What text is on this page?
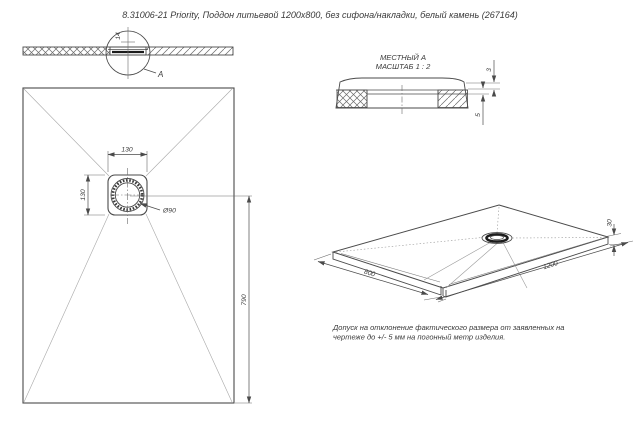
8.31006-21 Priority, Поддон литьевой 1200x800, без сифона/накладки, белый камень (267164)
14
A
МЕСТНЫЙ А
МАСШТАБ 1 : 2	3
5
130
130
Ø90
790
800
1200
30
Допуск на отклонение фактического размера от заявленных на
чертеже до +/- 5 мм на погонный метр изделия.
